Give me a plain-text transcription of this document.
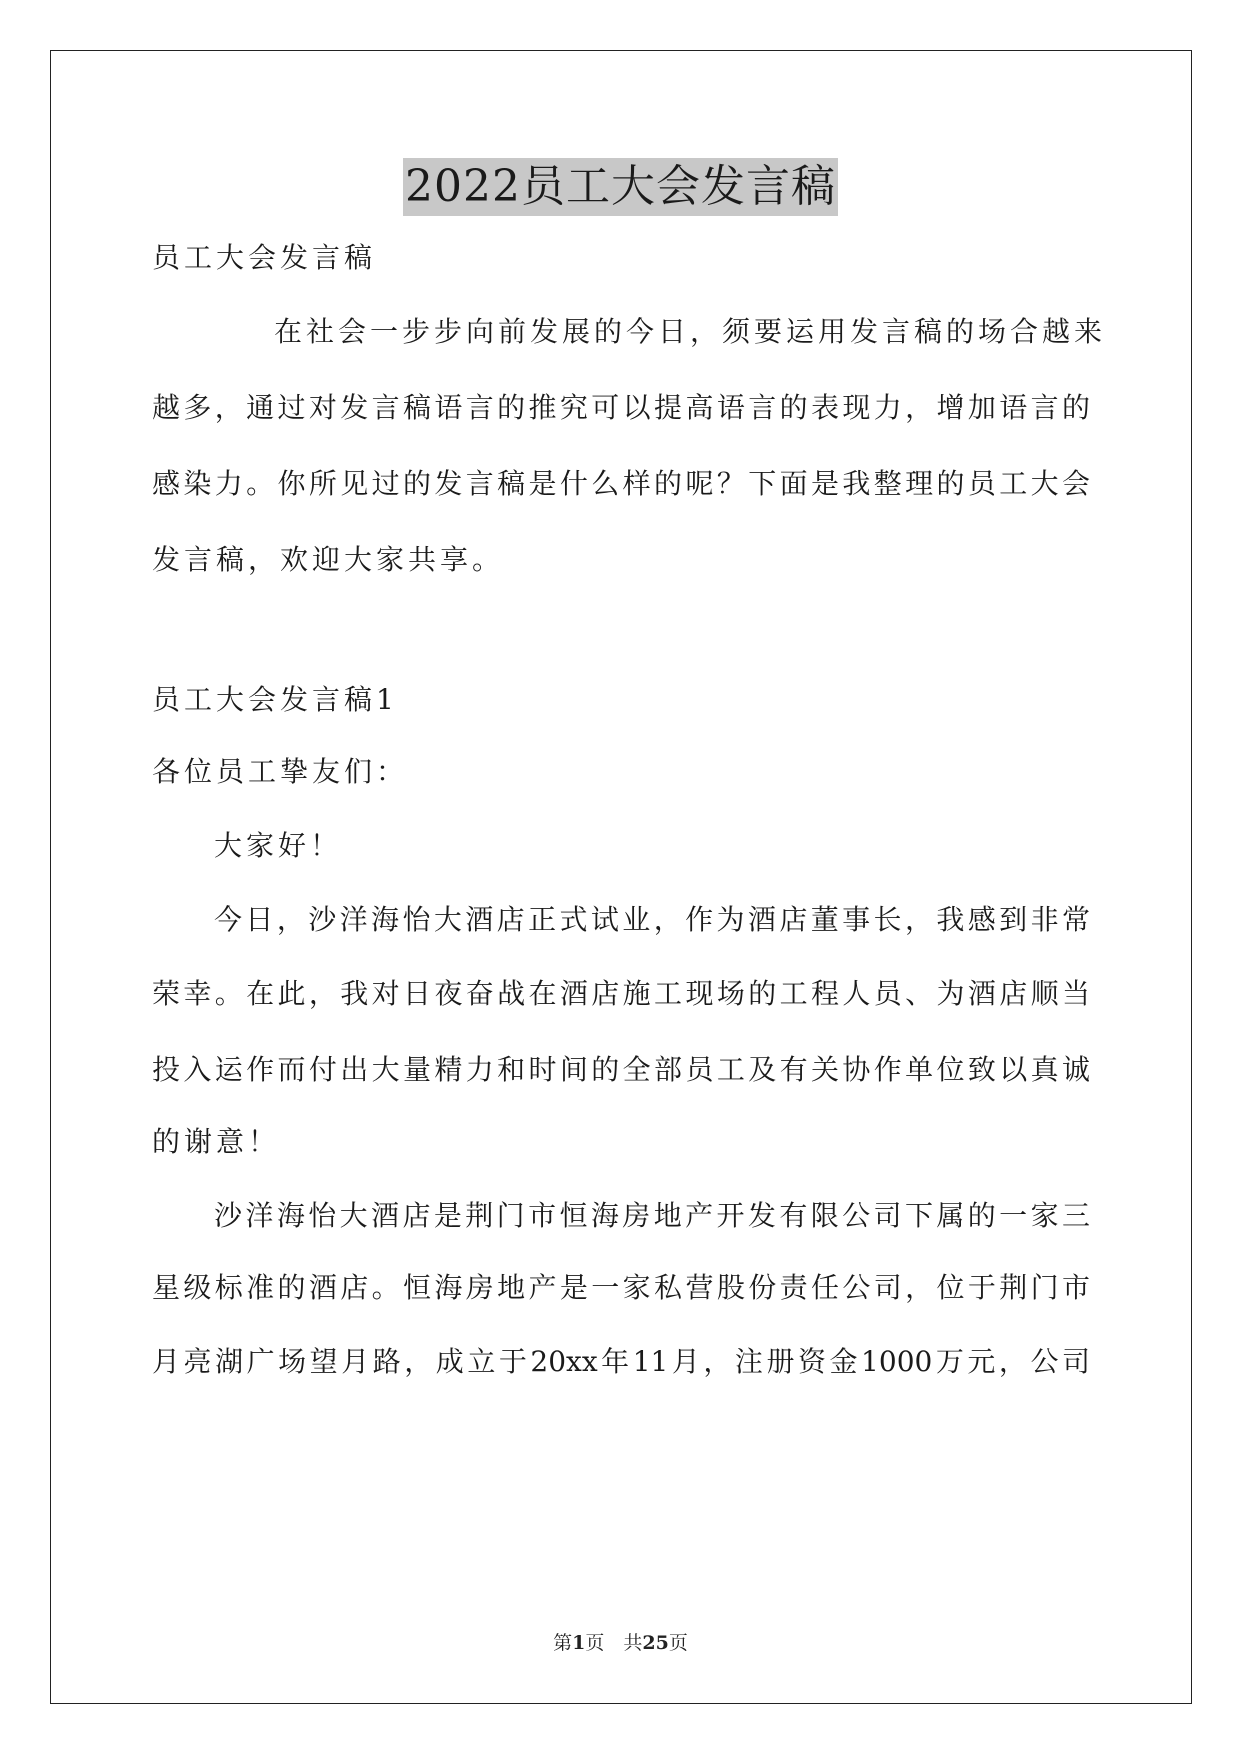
2022员工大会发言稿
员工大会发言稿
在社会一步步向前发展的今日，须要运用发言稿的场合越来
越多，通过对发言稿语言的推究可以提高语言的表现力，增加语言的
感染力。你所见过的发言稿是什么样的呢？下面是我整理的员工大会
发言稿，欢迎大家共享。
员工大会发言稿1
各位员工挚友们：
大家好！
今日，沙洋海怡大酒店正式试业，作为酒店董事长，我感到非常
荣幸。在此，我对日夜奋战在酒店施工现场的工程人员、为酒店顺当
投入运作而付出大量精力和时间的全部员工及有关协作单位致以真诚
的谢意！
沙洋海怡大酒店是荆门市恒海房地产开发有限公司下属的一家三
星级标准的酒店。恒海房地产是一家私营股份责任公司，位于荆门市
月亮湖广场望月路，成立于20xx年11月，注册资金1000万元，公司
第1页　共25页
